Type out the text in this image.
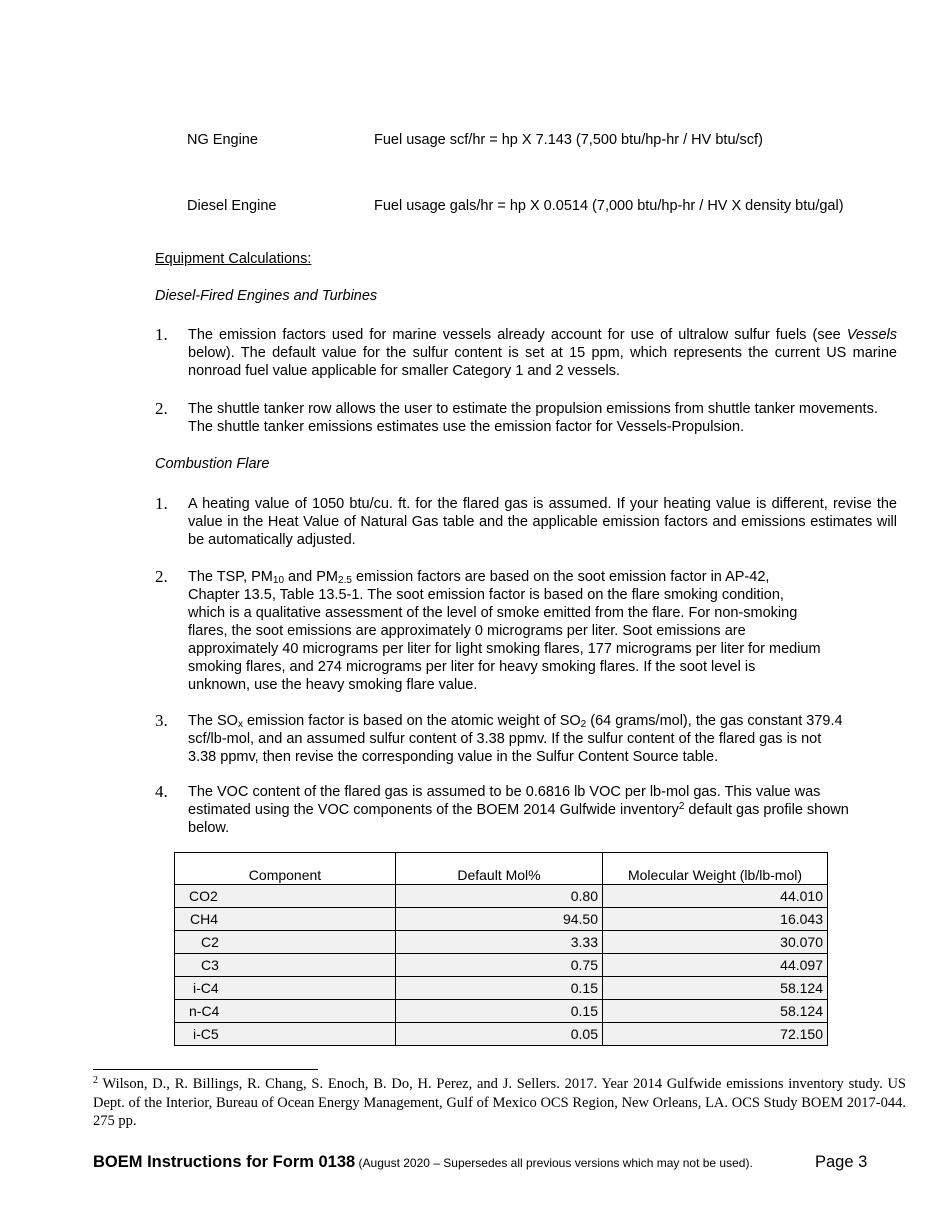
NG Engine	Fuel usage scf/hr = hp X 7.143 (7,500 btu/hp-hr / HV btu/scf)
Diesel Engine	Fuel usage gals/hr = hp X 0.0514 (7,000 btu/hp-hr / HV X density btu/gal)
Equipment Calculations:
Diesel-Fired Engines and Turbines
1. The emission factors used for marine vessels already account for use of ultralow sulfur fuels (see Vessels below). The default value for the sulfur content is set at 15 ppm, which represents the current US marine nonroad fuel value applicable for smaller Category 1 and 2 vessels.
2. The shuttle tanker row allows the user to estimate the propulsion emissions from shuttle tanker movements. The shuttle tanker emissions estimates use the emission factor for Vessels-Propulsion.
Combustion Flare
1. A heating value of 1050 btu/cu. ft. for the flared gas is assumed. If your heating value is different, revise the value in the Heat Value of Natural Gas table and the applicable emission factors and emissions estimates will be automatically adjusted.
2. The TSP, $PM_{10}$ and $PM_{2.5}$ emission factors are based on the soot emission factor in AP-42,
Chapter 13.5, Table 13.5-1. The soot emission factor is based on the flare smoking condition,
which is a qualitative assessment of the level of smoke emitted from the flare. For non-smoking
flares, the soot emissions are approximately 0 micrograms per liter. Soot emissions are
approximately 40 micrograms per liter for light smoking flares, 177 micrograms per liter for medium
smoking flares, and 274 micrograms per liter for heavy smoking flares. If the soot level is
unknown, use the heavy smoking flare value.
3. The $SO_x$ emission factor is based on the atomic weight of $SO_2$ (64 grams/mol), the gas constant 379.4
scf/lb-mol, and an assumed sulfur content of 3.38 ppmv. If the sulfur content of the flared gas is not
3.38 ppmv, then revise the corresponding value in the Sulfur Content Source table.
4. The VOC content of the flared gas is assumed to be 0.6816 lb VOC per lb-mol gas. This value was
estimated using the VOC components of the BOEM 2014 Gulfwide inventory$^2$ default gas profile shown
below.
Component	Default Mol%	Molecular Weight (lb/lb-mol)
CO2	0.80	44.010
CH4	94.50	16.043
C2	3.33	30.070
C3	0.75	44.097
i-C4	0.15	58.124
n-C4	0.15	58.124
i-C5	0.05	72.150
$^2$ Wilson, D., R. Billings, R. Chang, S. Enoch, B. Do, H. Perez, and J. Sellers. 2017. Year 2014 Gulfwide emissions inventory study. US Dept. of the Interior, Bureau of Ocean Energy Management, Gulf of Mexico OCS Region, New Orleans, LA. OCS Study BOEM 2017-044. 275 pp.
BOEM Instructions for Form 0138 (August 2020 – Supersedes all previous versions which may not be used).	Page 3
